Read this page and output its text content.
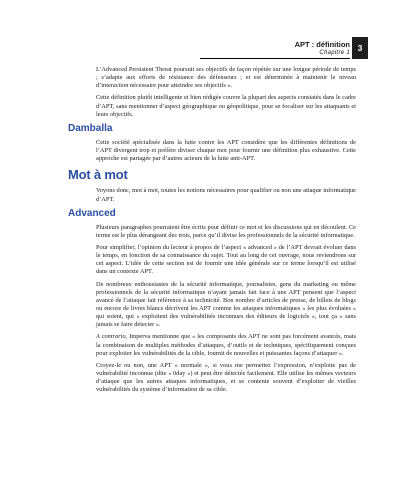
APT : définition
Chapitre 1 3

L’Advanced Persistent Threat poursuit ses objectifs de façon répétée sur une longue période de temps ; s’adapte aux efforts de résistance des défenseurs ; et est déterminée à maintenir le niveau d’interaction nécessaire pour atteindre ses objectifs ».

Cette définition plutôt intelligente et bien rédigée couvre la plupart des aspects constatés dans le cadre d’APT, sans mentionner d’aspect géographique ou géopolitique, pour se focaliser sur les attaquants et leurs objectifs.

Damballa

Cette société spécialisée dans la lutte contre les APT considère que les différentes définitions de l’APT divergent trop et préfère diviser chaque mot pour fournir une définition plus exhaustive. Cette approche est partagée par d’autres acteurs de la lutte anti-APT.

Mot à mot

Voyons donc, mot à mot, toutes les notions nécessaires pour qualifier ou non une attaque informatique d’APT.

Advanced

Plusieurs paragraphes pourraient être écrits pour définir ce mot et les discussions qui en découlent. Ce terme est le plus dérangeant des trois, parce qu’il divise les professionnels de la sécurité informatique.

Pour simplifier, l’opinion du lecteur à propos de l’aspect « advanced » de l’APT devrait évoluer dans le temps, en fonction de sa connaissance du sujet. Tout au long de cet ouvrage, nous reviendrons sur cet aspect. L’idée de cette section est de fournir une idée générale sur ce terme lorsqu’il est utilisé dans un contexte APT.

De nombreux enthousiastes de la sécurité informatique, journalistes, gens du marketing ou même professionnels de la sécurité informatique n’ayant jamais fait face à une APT pensent que l’aspect avancé de l’attaque fait référence à sa technicité. Bon nombre d’articles de presse, de billets de blogs ou encore de livres blancs décrivent les APT comme les attaques informatiques « les plus évoluées » qui soient, qui « exploitent des vulnérabilités inconnues des éditeurs de logiciels », tout ça « sans jamais se faire détecter ».

A contrario, Imperva mentionne que « les composants des APT ne sont pas forcément avancés, mais la combinaison de multiples méthodes d’attaques, d’outils et de techniques, spécifiquement conçues pour exploiter les vulnérabilités de la cible, fournit de nouvelles et puissantes façons d’attaquer ».

Croyez-le ou non, une APT « normale », si vous me permettez l’expression, n’exploite pas de vulnérabilité inconnue (dite « 0day ») et peut être détectée facilement. Elle utilise les mêmes vecteurs d’attaque que les autres attaques informatiques, et se contente souvent d’exploiter de vieilles vulnérabilités du système d’information de sa cible.
